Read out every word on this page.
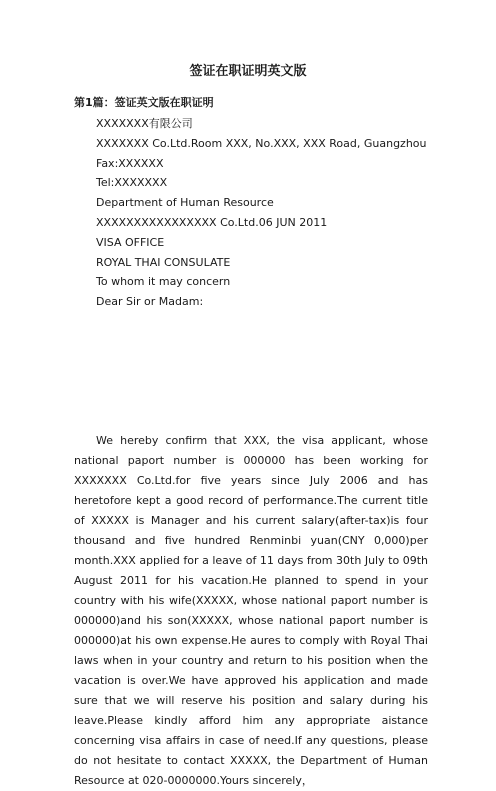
签证在职证明英文版
第1篇：签证英文版在职证明
XXXXXXX有限公司
XXXXXXX Co.Ltd.Room XXX, No.XXX, XXX Road, Guangzhou
Fax:XXXXXX
Tel:XXXXXXX
Department of Human Resource
XXXXXXXXXXXXXXXX Co.Ltd.06 JUN 2011
VISA OFFICE
ROYAL THAI CONSULATE
To whom it may concern
Dear Sir or Madam:

We hereby confirm that XXX, the visa applicant, whose national paport number is 000000 has been working for XXXXXXX Co.Ltd.for five years since July 2006 and has heretofore kept a good record of performance.The current title of XXXXX is Manager and his current salary(after-tax)is four thousand and five hundred Renminbi yuan(CNY 0,000)per month.XXX applied for a leave of 11 days from 30th July to 09th August 2011 for his vacation.He planned to spend in your country with his wife(XXXXX, whose national paport number is 000000)and his son(XXXXX, whose national paport number is 000000)at his own expense.He aures to comply with Royal Thai laws when in your country and return to his position when the vacation is over.We have approved his application and made sure that we will reserve his position and salary during his leave.Please kindly afford him any appropriate aistance concerning visa affairs in case of need.If any questions, please do not hesitate to contact XXXXX, the Department of Human Resource at 020-0000000.Yours sincerely，
